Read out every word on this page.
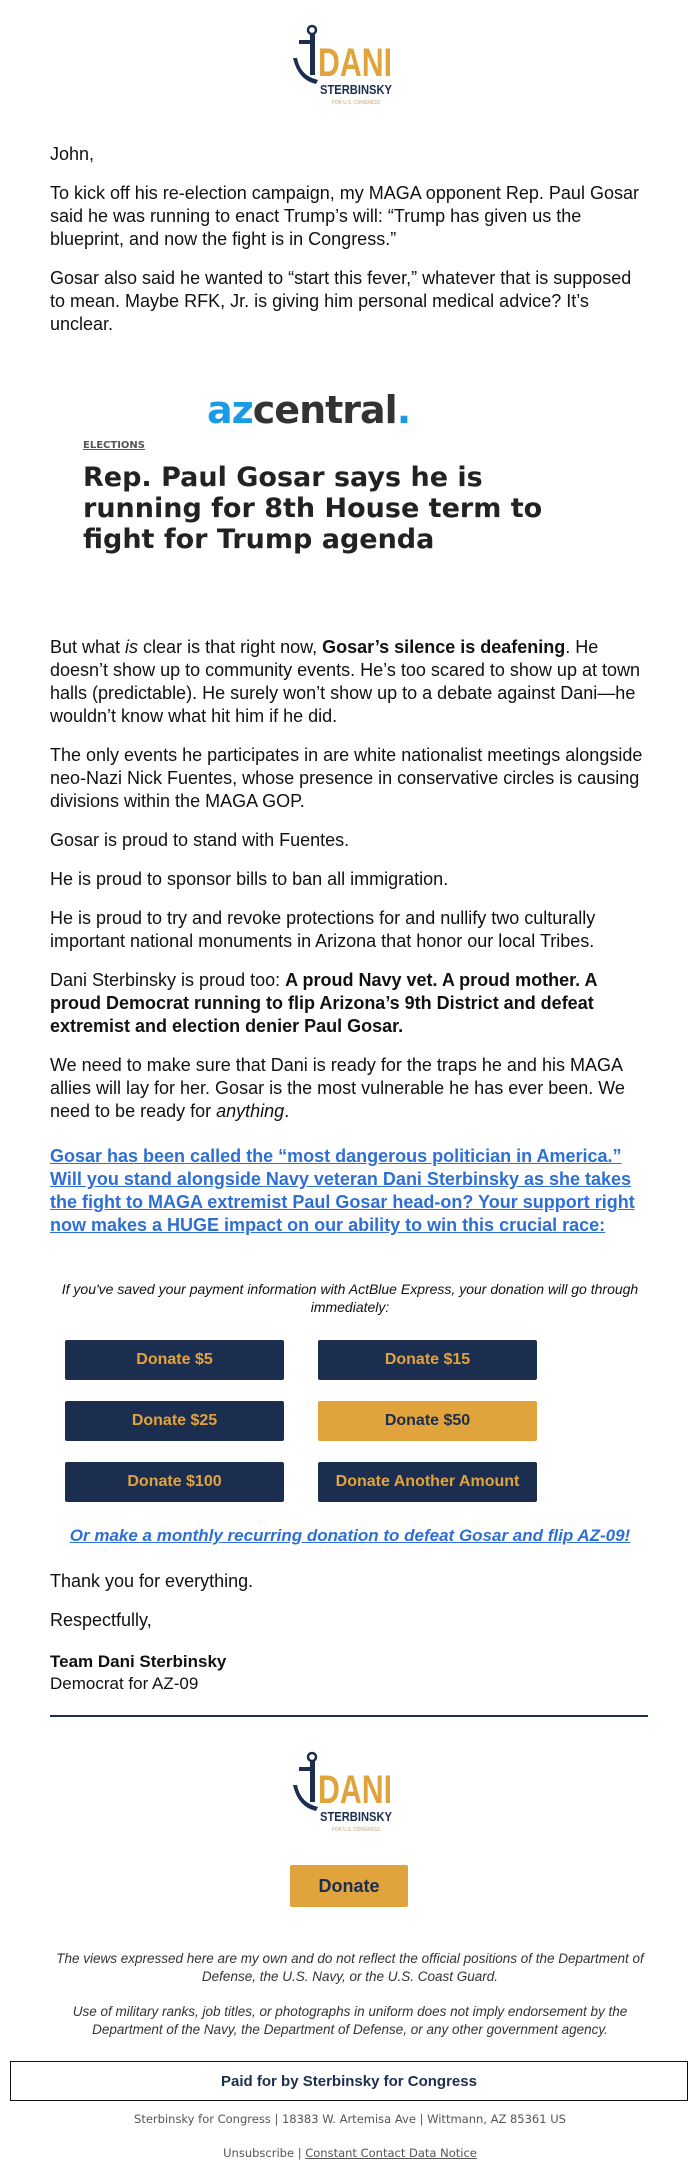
DANI
STERBINSKY
FOR U.S. CONGRESS

John,

To kick off his re-election campaign, my MAGA opponent Rep. Paul Gosar said he was running to enact Trump’s will: “Trump has given us the blueprint, and now the fight is in Congress.”

Gosar also said he wanted to “start this fever,” whatever that is supposed to mean. Maybe RFK, Jr. is giving him personal medical advice? It’s unclear.

azcentral.
ELECTIONS
Rep. Paul Gosar says he is running for 8th House term to fight for Trump agenda

But what is clear is that right now, Gosar’s silence is deafening. He doesn’t show up to community events. He’s too scared to show up at town halls (predictable). He surely won’t show up to a debate against Dani—he wouldn’t know what hit him if he did.

The only events he participates in are white nationalist meetings alongside neo-Nazi Nick Fuentes, whose presence in conservative circles is causing divisions within the MAGA GOP.

Gosar is proud to stand with Fuentes.

He is proud to sponsor bills to ban all immigration.

He is proud to try and revoke protections for and nullify two culturally important national monuments in Arizona that honor our local Tribes.

Dani Sterbinsky is proud too: A proud Navy vet. A proud mother. A proud Democrat running to flip Arizona’s 9th District and defeat extremist and election denier Paul Gosar.

We need to make sure that Dani is ready for the traps he and his MAGA allies will lay for her. Gosar is the most vulnerable he has ever been. We need to be ready for anything.

Gosar has been called the “most dangerous politician in America.” Will you stand alongside Navy veteran Dani Sterbinsky as she takes the fight to MAGA extremist Paul Gosar head-on? Your support right now makes a HUGE impact on our ability to win this crucial race:

If you've saved your payment information with ActBlue Express, your donation will go through immediately:
Donate $5	Donate $15
Donate $25	Donate $50
Donate $100	Donate Another Amount
Or make a monthly recurring donation to defeat Gosar and flip AZ-09!

Thank you for everything.

Respectfully,

Team Dani Sterbinsky
Democrat for AZ-09
DANI
STERBINSKY
FOR U.S. CONGRESS
Donate
The views expressed here are my own and do not reflect the official positions of the Department of Defense, the U.S. Navy, or the U.S. Coast Guard.
Use of military ranks, job titles, or photographs in uniform does not imply endorsement by the Department of the Navy, the Department of Defense, or any other government agency.
Paid for by Sterbinsky for Congress
Sterbinsky for Congress | 18383 W. Artemisa Ave | Wittmann, AZ 85361 US
Unsubscribe | Constant Contact Data Notice
